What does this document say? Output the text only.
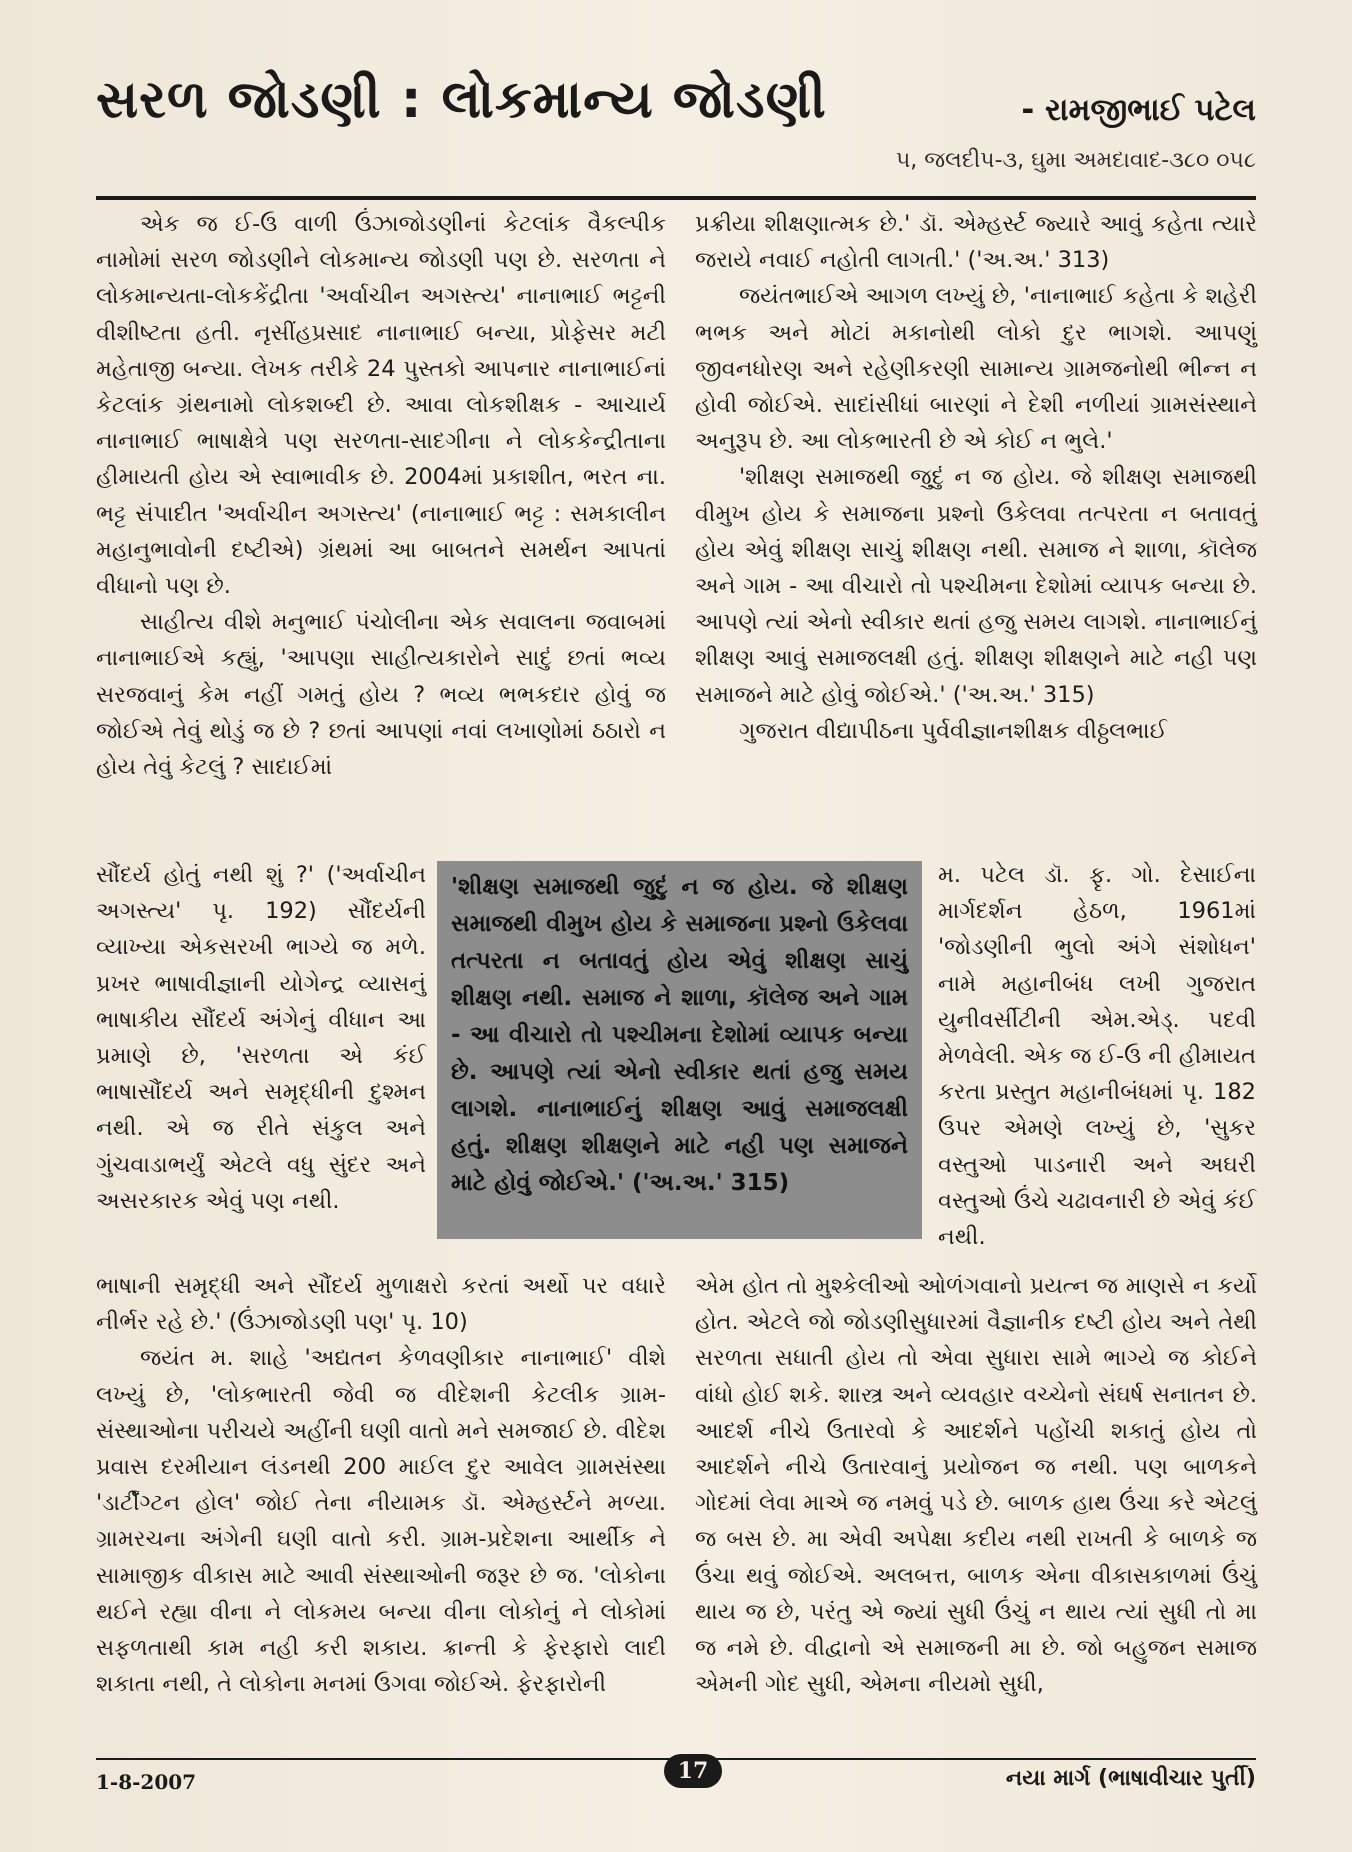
સરળ જોડણી : લોકમાન્ય જોડણી	- રામજીભાઈ પટેલ
૫, જલદીપ-૩, ઘુમા અમદાવાદ-૩૮૦ ૦૫૮

એક જ ઈ-ઉ વાળી ઉંઝાજોડણીનાં કેટલાંક વૈકલ્પીક નામોમાં સરળ જોડણીને લોકમાન્ય જોડણી પણ છે. સરળતા ને લોકમાન્યતા-લોકકેંદ્રીતા 'અર્વાચીન અગસ્ત્ય' નાનાભાઈ ભટ્ટની વીશીષ્ટતા હતી. નૃસીંહપ્રસાદ નાનાભાઈ બન્યા, પ્રોફેસર મટી મહેતાજી બન્યા. લેખક તરીકે 24 પુસ્તકો આપનાર નાનાભાઈનાં કેટલાંક ગ્રંથનામો લોકશબ્દી છે. આવા લોકશીક્ષક - આચાર્ય નાનાભાઈ ભાષાક્ષેત્રે પણ સરળતા-સાદગીના ને લોકકેન્દ્રીતાના હીમાયતી હોય એ સ્વાભાવીક છે. 2004માં પ્રકાશીત, ભરત ના. ભટ્ટ સંપાદીત 'અર્વાચીન અગસ્ત્ય' (નાનાભાઈ ભટ્ટ : સમકાલીન મહાનુભાવોની દષ્ટીએ) ગ્રંથમાં આ બાબતને સમર્થન આપતાં વીધાનો પણ છે.

સાહીત્ય વીશે મનુભાઈ પંચોલીના એક સવાલના જવાબમાં નાનાભાઈએ કહ્યું, 'આપણા સાહીત્યકારોને સાદું છતાં ભવ્ય સરજવાનું કેમ નહીં ગમતું હોય ? ભવ્ય ભભકદાર હોવું જ જોઈએ તેવું થોડું જ છે ? છતાં આપણાં નવાં લખાણોમાં ઠઠારો ન હોય તેવું કેટલું ? સાદાઈમાં

પ્રક્રીયા શીક્ષણાત્મક છે.' ડૉ. એમ્હર્સ્ટ જ્યારે આવું કહેતા ત્યારે જરાયે નવાઈ નહોતી લાગતી.' ('અ.અ.' 313)

જયંતભાઈએ આગળ લખ્યું છે, 'નાનાભાઈ કહેતા કે શહેરી ભભક અને મોટાં મકાનોથી લોકો દુર ભાગશે. આપણું જીવનધોરણ અને રહેણીકરણી સામાન્ય ગ્રામજનોથી ભીન્ન ન હોવી જોઈએ. સાદાંસીધાં બારણાં ને દેશી નળીયાં ગ્રામસંસ્થાને અનુરૂપ છે. આ લોકભારતી છે એ કોઈ ન ભુલે.'

'શીક્ષણ સમાજથી જુદું ન જ હોય. જે શીક્ષણ સમાજથી વીમુખ હોય કે સમાજના પ્રશ્નો ઉકેલવા તત્પરતા ન બતાવતું હોય એવું શીક્ષણ સાચું શીક્ષણ નથી. સમાજ ને શાળા, કૉલેજ અને ગામ - આ વીચારો તો પશ્ચીમના દેશોમાં વ્યાપક બન્યા છે. આપણે ત્યાં એનો સ્વીકાર થતાં હજુ સમય લાગશે. નાનાભાઈનું શીક્ષણ આવું સમાજલક્ષી હતું. શીક્ષણ શીક્ષણને માટે નહી પણ સમાજને માટે હોવું જોઈએ.' ('અ.અ.' 315)

ગુજરાત વીદ્યાપીઠના પુર્વવીજ્ઞાનશીક્ષક વીઠ્ઠલભાઈ

સૌંદર્ય હોતું નથી શું ?' ('અર્વાચીન અગસ્ત્ય' પૃ. 192) સૌંદર્યની વ્યાખ્યા એકસરખી ભાગ્યે જ મળે. પ્રખર ભાષાવીજ્ઞાની યોગેન્દ્ર વ્યાસનું ભાષાકીય સૌંદર્ય અંગેનું વીધાન આ પ્રમાણે છે, 'સરળતા એ કંઈ ભાષાસૌંદર્ય અને સમૃદ્ધીની દુશ્મન નથી. એ જ રીતે સંકુલ અને ગુંચવાડાભર્યું એટલે વધુ સુંદર અને અસરકારક એવું પણ નથી.

'શીક્ષણ સમાજથી જુદું ન જ હોય. જે શીક્ષણ સમાજથી વીમુખ હોય કે સમાજના પ્રશ્નો ઉકેલવા તત્પરતા ન બતાવતું હોય એવું શીક્ષણ સાચું શીક્ષણ નથી. સમાજ ને શાળા, કૉલેજ અને ગામ - આ વીચારો તો પશ્ચીમના દેશોમાં વ્યાપક બન્યા છે. આપણે ત્યાં એનો સ્વીકાર થતાં હજુ સમય લાગશે. નાનાભાઈનું શીક્ષણ આવું સમાજલક્ષી હતું. શીક્ષણ શીક્ષણને માટે નહી પણ સમાજને માટે હોવું જોઈએ.' ('અ.અ.' 315)

મ. પટેલ ડૉ. ફૃ. ગો. દેસાઈના માર્ગદર્શન હેઠળ, 1961માં 'જોડણીની ભુલો અંગે સંશોધન' નામે મહાનીબંધ લખી ગુજરાત યુનીવર્સીટીની એમ.એડ્. પદવી મેળવેલી. એક જ ઈ-ઉ ની હીમાયત કરતા પ્રસ્તુત મહાનીબંધમાં પૃ. 182 ઉપર એમણે લખ્યું છે, 'સુકર વસ્તુઓ પાડનારી અને અઘરી વસ્તુઓ ઉંચે ચઢાવનારી છે એવું કંઈ નથી.

ભાષાની સમૃદ્ધી અને સૌંદર્ય મુળાક્ષરો કરતાં અર્થો પર વધારે નીર્ભર રહે છે.' (ઉંઝાજોડણી પણ' પૃ. 10)

જયંત મ. શાહે 'અદ્યતન કેળવણીકાર નાનાભાઈ' વીશે લખ્યું છે, 'લોકભારતી જેવી જ વીદેશની કેટલીક ગ્રામ-સંસ્થાઓના પરીચયે અહીંની ઘણી વાતો મને સમજાઈ છે. વીદેશ પ્રવાસ દરમીયાન લંડનથી 200 માઈલ દુર આવેલ ગ્રામસંસ્થા 'ડાર્ટીંગ્ટન હોલ' જોઈ તેના નીયામક ડૉ. એમ્હર્સ્ટને મળ્યા. ગ્રામરચના અંગેની ઘણી વાતો કરી. ગ્રામ-પ્રદેશના આર્થીક ને સામાજીક વીકાસ માટે આવી સંસ્થાઓની જરૂર છે જ. 'લોકોના થઈને રહ્યા વીના ને લોકમય બન્યા વીના લોકોનું ને લોકોમાં સફળતાથી કામ નહી કરી શકાય. ક્રાન્તી કે ફેરફારો લાદી શકાતા નથી, તે લોકોના મનમાં ઉગવા જોઈએ. ફેરફારોની

એમ હોત તો મુશ્કેલીઓ ઓળંગવાનો પ્રયત્ન જ માણસે ન કર્યો હોત. એટલે જો જોડણીસુધારમાં વૈજ્ઞાનીક દષ્ટી હોય અને તેથી સરળતા સધાતી હોય તો એવા સુધારા સામે ભાગ્યે જ કોઈને વાંધો હોઈ શકે. શાસ્ત્ર અને વ્યવહાર વચ્ચેનો સંઘર્ષ સનાતન છે. આદર્શ નીચે ઉતારવો કે આદર્શને પહોંચી શકાતું હોય તો આદર્શને નીચે ઉતારવાનું પ્રયોજન જ નથી. પણ બાળકને ગોદમાં લેવા માએ જ નમવું પડે છે. બાળક હાથ ઉંચા કરે એટલું જ બસ છે. મા એવી અપેક્ષા કદીય નથી રાખતી કે બાળકે જ ઉંચા થવું જોઈએ. અલબત્ત, બાળક એના વીકાસકાળમાં ઉંચું થાય જ છે, પરંતુ એ જ્યાં સુધી ઉંચું ન થાય ત્યાં સુધી તો મા જ નમે છે. વીદ્વાનો એ સમાજની મા છે. જો બહુજન સમાજ એમની ગોદ સુધી, એમના નીયમો સુધી,

1-8-2007	17	નયા માર્ગ (ભાષાવીચાર પુર્તી)
